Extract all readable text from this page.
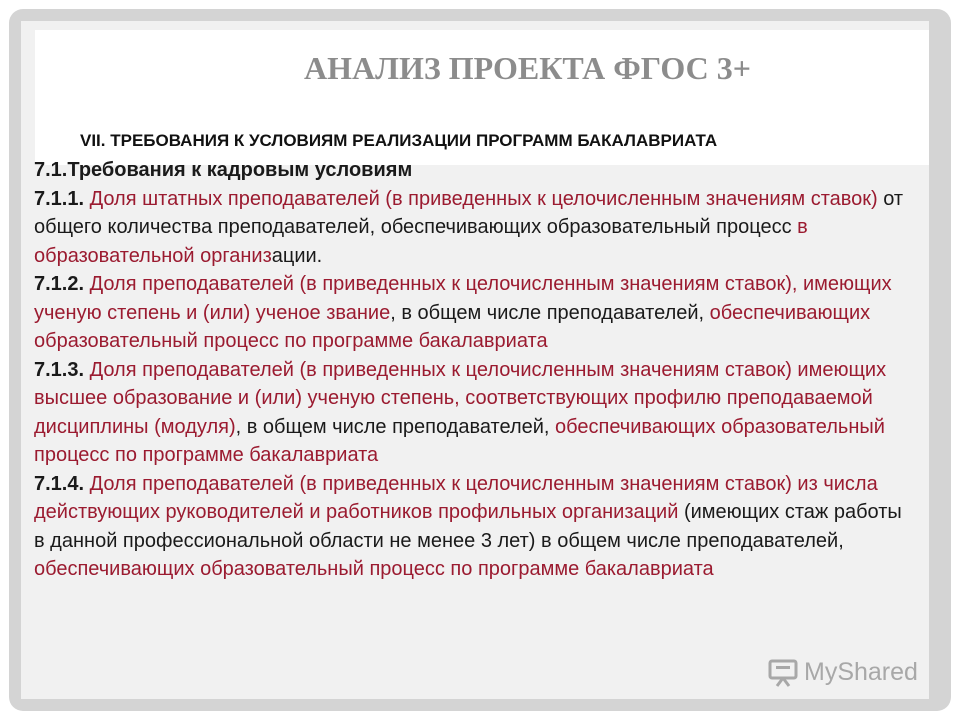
АНАЛИЗ ПРОЕКТА ФГОС 3+
VII. ТРЕБОВАНИЯ К УСЛОВИЯМ РЕАЛИЗАЦИИ ПРОГРАММ БАКАЛАВРИАТА

7.1.Требования к кадровым условиям

7.1.1. Доля штатных преподавателей (в приведенных к целочисленным значениям ставок) от общего количества преподавателей, обеспечивающих образовательный процесс в образовательной организации.

7.1.2. Доля преподавателей (в приведенных к целочисленным значениям ставок), имеющих ученую степень и (или) ученое звание, в общем числе преподавателей, обеспечивающих образовательный процесс по программе бакалавриата

7.1.3. Доля преподавателей (в приведенных к целочисленным значениям ставок) имеющих высшее образование и (или) ученую степень, соответствующих профилю преподаваемой дисциплины (модуля), в общем числе преподавателей, обеспечивающих образовательный процесс по программе бакалавриата

7.1.4. Доля преподавателей (в приведенных к целочисленным значениям ставок) из числа действующих руководителей и работников профильных организаций (имеющих стаж работы в данной профессиональной области не менее 3 лет) в общем числе преподавателей, обеспечивающих образовательный процесс по программе бакалавриата

MyShared
